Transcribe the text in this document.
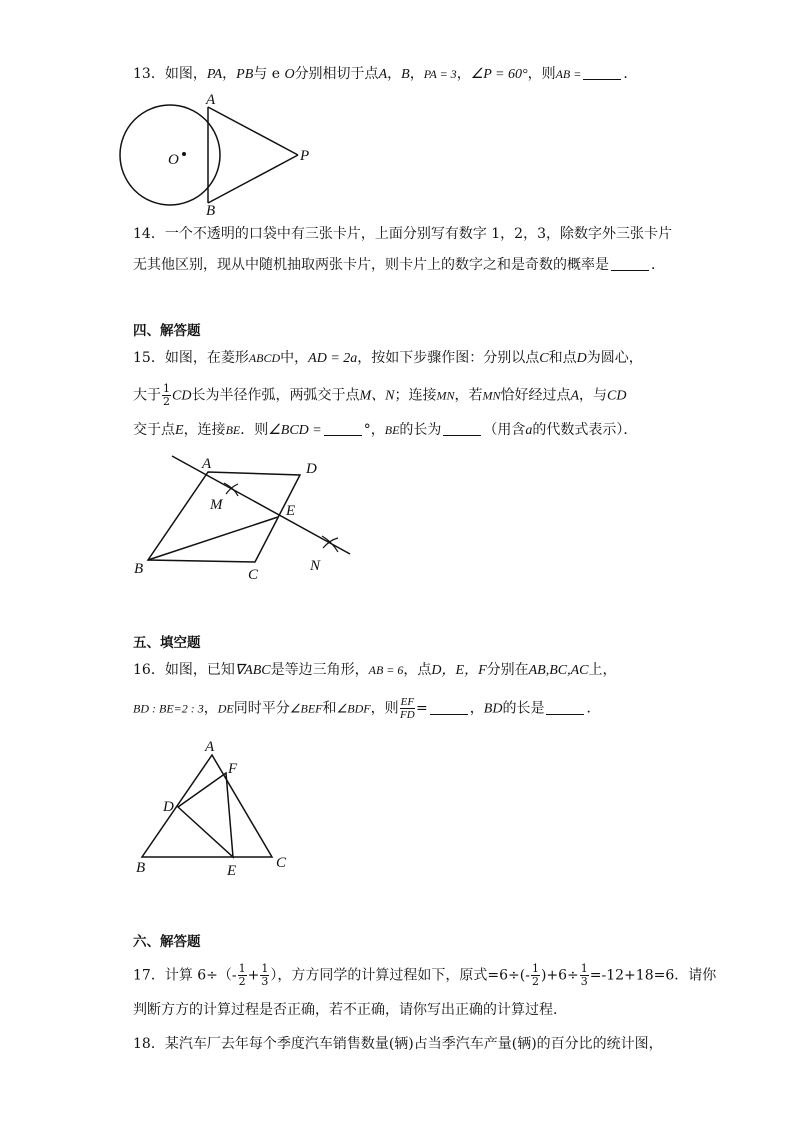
13．如图，PA，PB与 e O分别相切于点A，B，PA = 3，∠P = 60°，则AB =	．
A
B
O	P
14．一个不透明的口袋中有三张卡片，上面分别写有数字 1，2，3，除数字外三张卡片
无其他区别，现从中随机抽取两张卡片，则卡片上的数字之和是奇数的概率是	．
四、解答题
15．如图，在菱形ABCD中，AD = 2a，按如下步骤作图：分别以点C和点D为圆心，
大于 $\frac{1}{2}$ CD长为半径作弧，两弧交于点M、N；连接MN，若MN恰好经过点A，与CD
交于点E，连接BE．则∠BCD =	°，BE的长为	（用含a的代数式表示）．
A	D
M	E
B	C
N
五、填空题
16．如图，已知∇ABC是等边三角形，AB = 6，点D，E，F分别在AB,BC,AC上，
BD : BE=2 : 3，DE同时平分∠BEF和∠BDF，则 $\frac{EF}{FD}$ =	，BD的长是	．
A
F
D
B	E	C
六、解答题
17．计算 $6\div(- \frac{1}{2} + \frac{1}{3}$ ），方方同学的计算过程如下，原式$=6\div(- \frac{1}{2} )+6\div \frac{1}{3} =-12+18=6$．请你
判断方方的计算过程是否正确，若不正确，请你写出正确的计算过程．
18．某汽车厂去年每个季度汽车销售数量(辆)占当季汽车产量(辆)的百分比的统计图，
